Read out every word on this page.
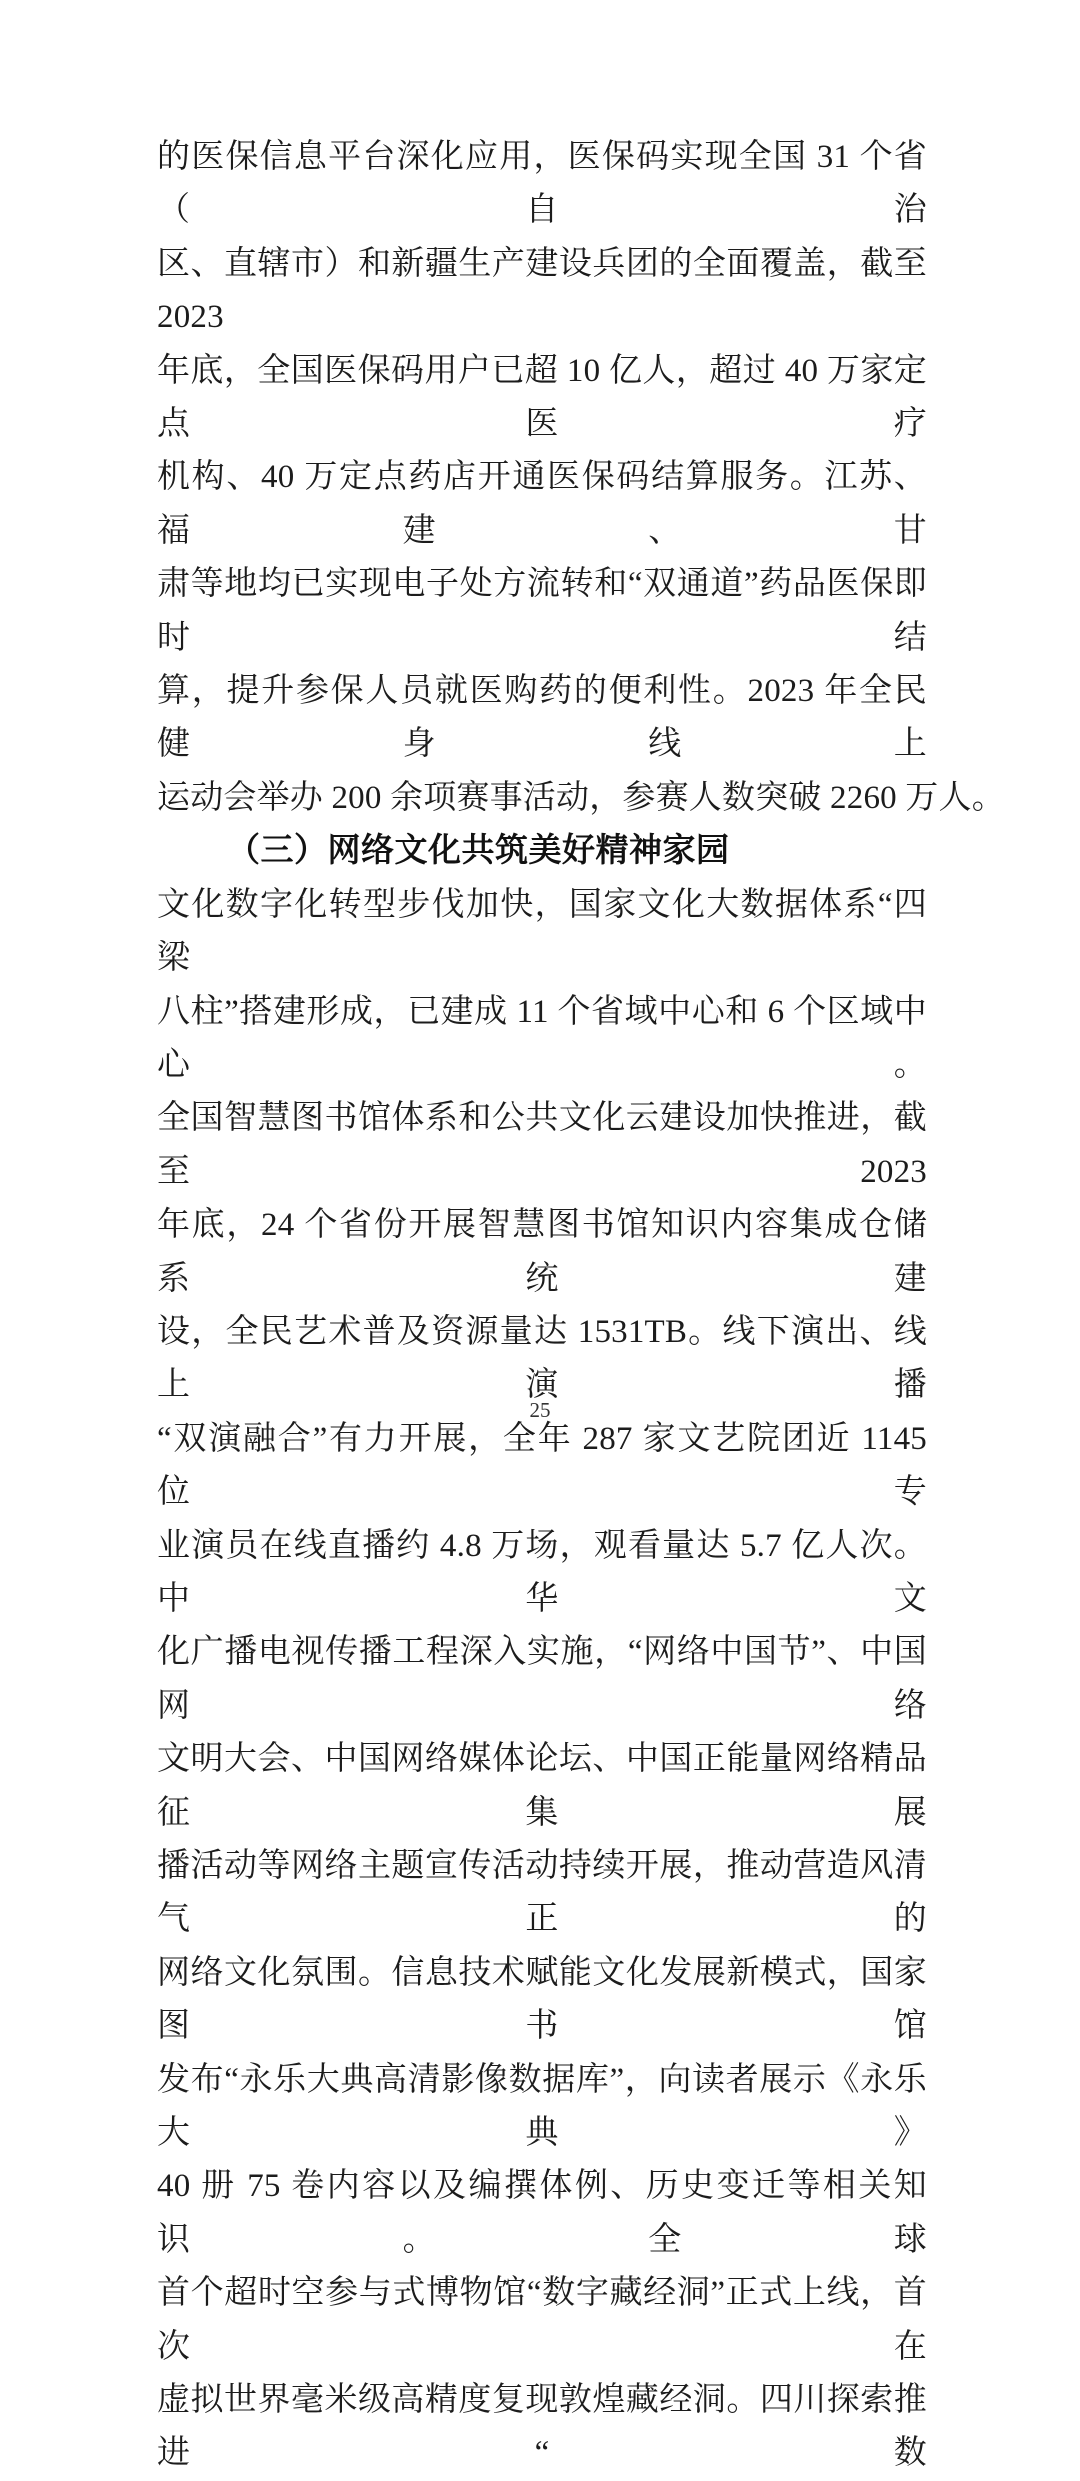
的医保信息平台深化应用，医保码实现全国 31 个省（自治
区、直辖市）和新疆生产建设兵团的全面覆盖，截至 2023
年底，全国医保码用户已超 10 亿人，超过 40 万家定点医疗
机构、40 万定点药店开通医保码结算服务。江苏、福建、甘
肃等地均已实现电子处方流转和“双通道”药品医保即时结
算，提升参保人员就医购药的便利性。2023 年全民健身线上
运动会举办 200 余项赛事活动，参赛人数突破 2260 万人。
（三）网络文化共筑美好精神家园
文化数字化转型步伐加快，国家文化大数据体系“四梁
八柱”搭建形成，已建成 11 个省域中心和 6 个区域中心。
全国智慧图书馆体系和公共文化云建设加快推进，截至 2023
年底，24 个省份开展智慧图书馆知识内容集成仓储系统建
设，全民艺术普及资源量达 1531TB。线下演出、线上演播
“双演融合”有力开展，全年 287 家文艺院团近 1145 位专
业演员在线直播约 4.8 万场，观看量达 5.7 亿人次。中华文
化广播电视传播工程深入实施，“网络中国节”、中国网络
文明大会、中国网络媒体论坛、中国正能量网络精品征集展
播活动等网络主题宣传活动持续开展，推动营造风清气正的
网络文化氛围。信息技术赋能文化发展新模式，国家图书馆
发布“永乐大典高清影像数据库”，向读者展示《永乐大典》
40 册 75 卷内容以及编撰体例、历史变迁等相关知识。全球
首个超时空参与式博物馆“数字藏经洞”正式上线，首次在
虚拟世界毫米级高精度复现敦煌藏经洞。四川探索推进“数
25
